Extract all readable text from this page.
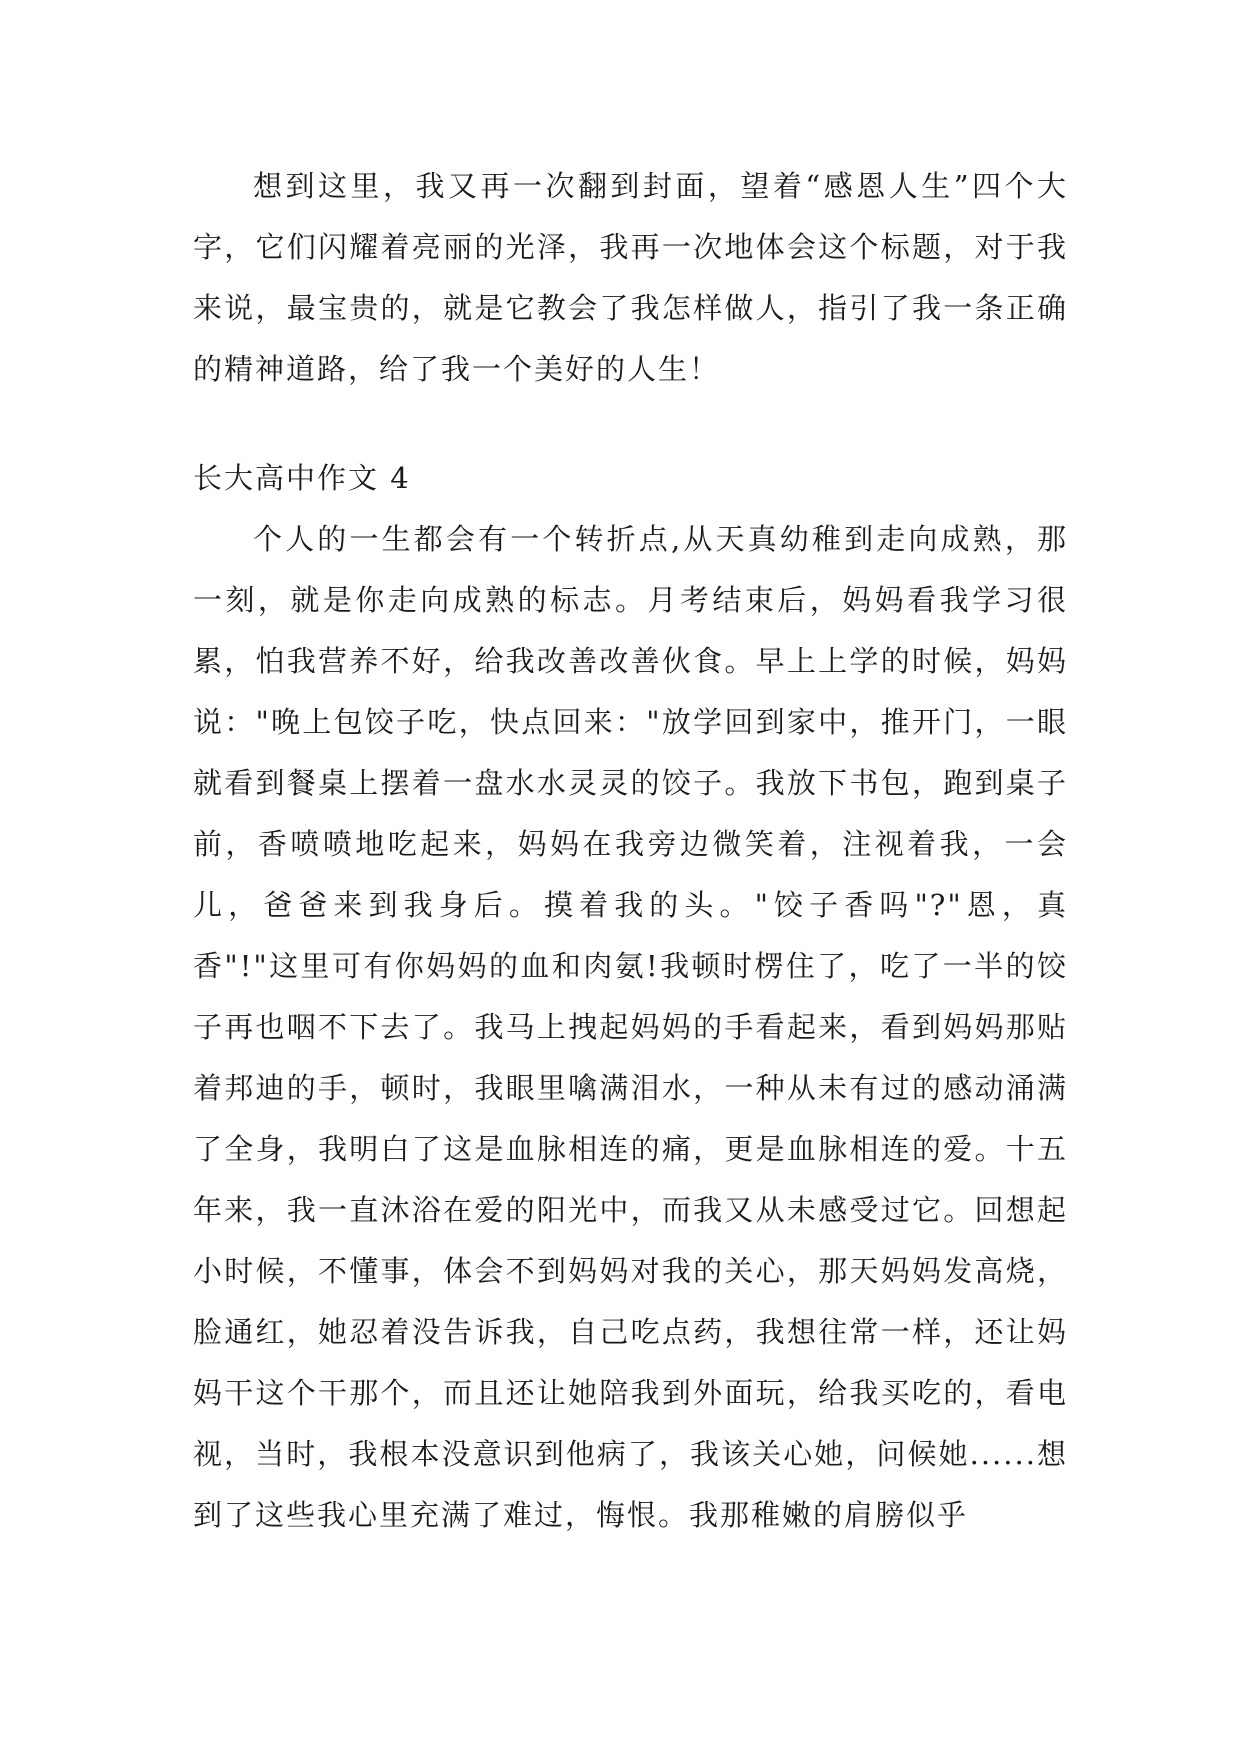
想到这里，我又再一次翻到封面，望着“感恩人生”四个大字，它们闪耀着亮丽的光泽，我再一次地体会这个标题，对于我来说，最宝贵的，就是它教会了我怎样做人，指引了我一条正确的精神道路，给了我一个美好的人生！

长大高中作文 4

个人的一生都会有一个转折点,从天真幼稚到走向成熟，那一刻，就是你走向成熟的标志。月考结束后，妈妈看我学习很累，怕我营养不好，给我改善改善伙食。早上上学的时候，妈妈说："晚上包饺子吃，快点回来："放学回到家中，推开门，一眼就看到餐桌上摆着一盘水水灵灵的饺子。我放下书包，跑到桌子前，香喷喷地吃起来，妈妈在我旁边微笑着，注视着我，一会儿，爸爸来到我身后。摸着我的头。"饺子香吗"?"恩，真香"!"这里可有你妈妈的血和肉氨!我顿时楞住了，吃了一半的饺子再也咽不下去了。我马上拽起妈妈的手看起来，看到妈妈那贴着邦迪的手，顿时，我眼里噙满泪水，一种从未有过的感动涌满了全身，我明白了这是血脉相连的痛，更是血脉相连的爱。十五年来，我一直沐浴在爱的阳光中，而我又从未感受过它。回想起小时候，不懂事，体会不到妈妈对我的关心，那天妈妈发高烧，脸通红，她忍着没告诉我，自己吃点药，我想往常一样，还让妈妈干这个干那个，而且还让她陪我到外面玩，给我买吃的，看电视，当时，我根本没意识到他病了，我该关心她，问候她......想到了这些我心里充满了难过，悔恨。我那稚嫩的肩膀似乎
